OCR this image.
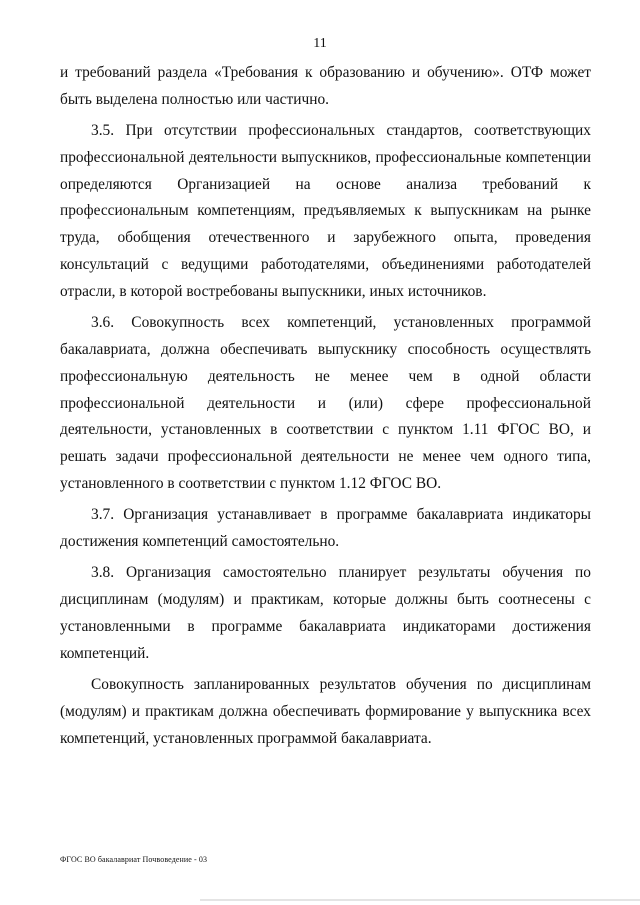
11

и требований раздела «Требования к образованию и обучению». ОТФ может быть выделена полностью или частично.

3.5. При отсутствии профессиональных стандартов, соответствующих профессиональной деятельности выпускников, профессиональные компетенции определяются Организацией на основе анализа требований к профессиональным компетенциям, предъявляемых к выпускникам на рынке труда, обобщения отечественного и зарубежного опыта, проведения консультаций с ведущими работодателями, объединениями работодателей отрасли, в которой востребованы выпускники, иных источников.

3.6. Совокупность всех компетенций, установленных программой бакалавриата, должна обеспечивать выпускнику способность осуществлять профессиональную деятельность не менее чем в одной области профессиональной деятельности и (или) сфере профессиональной деятельности, установленных в соответствии с пунктом 1.11 ФГОС ВО, и решать задачи профессиональной деятельности не менее чем одного типа, установленного в соответствии с пунктом 1.12 ФГОС ВО.

3.7. Организация устанавливает в программе бакалавриата индикаторы достижения компетенций самостоятельно.

3.8. Организация самостоятельно планирует результаты обучения по дисциплинам (модулям) и практикам, которые должны быть соотнесены с установленными в программе бакалавриата индикаторами достижения компетенций.

Совокупность запланированных результатов обучения по дисциплинам (модулям) и практикам должна обеспечивать формирование у выпускника всех компетенций, установленных программой бакалавриата.

ФГОС ВО бакалавриат Почвоведение - 03
